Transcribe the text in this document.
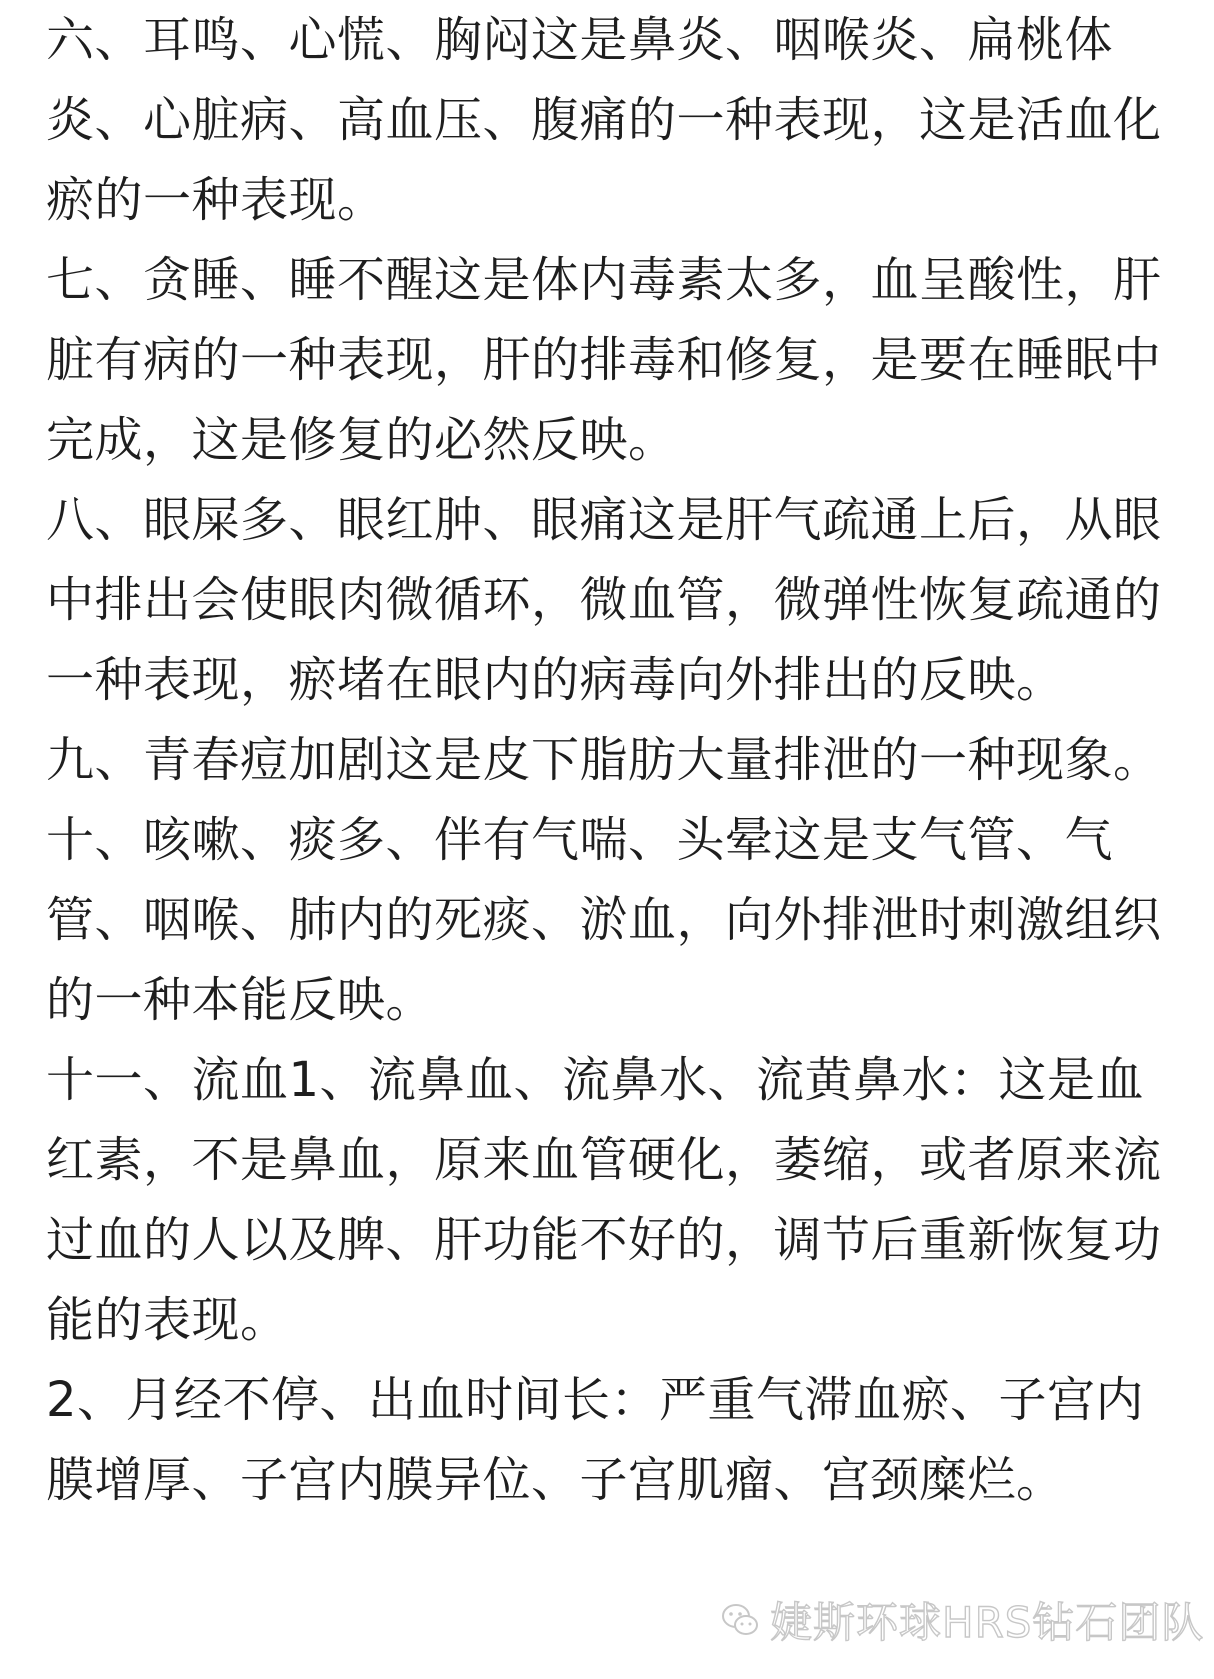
六、耳鸣、心慌、胸闷这是鼻炎、咽喉炎、扁桃体炎、心脏病、高血压、腹痛的一种表现，这是活血化瘀的一种表现。

七、贪睡、睡不醒这是体内毒素太多，血呈酸性，肝脏有病的一种表现，肝的排毒和修复，是要在睡眠中完成，这是修复的必然反映。

八、眼屎多、眼红肿、眼痛这是肝气疏通上后，从眼中排出会使眼肉微循环，微血管，微弹性恢复疏通的一种表现，瘀堵在眼内的病毒向外排出的反映。

九、青春痘加剧这是皮下脂肪大量排泄的一种现象。

十、咳嗽、痰多、伴有气喘、头晕这是支气管、气管、咽喉、肺内的死痰、淤血，向外排泄时刺激组织的一种本能反映。

十一、流血1、流鼻血、流鼻水、流黄鼻水：这是血红素，不是鼻血，原来血管硬化，萎缩，或者原来流过血的人以及脾、肝功能不好的，调节后重新恢复功能的表现。

2、月经不停、出血时间长：严重气滞血瘀、子宫内膜增厚、子宫内膜异位、子宫肌瘤、宫颈糜烂。

婕斯环球HRS钻石团队
